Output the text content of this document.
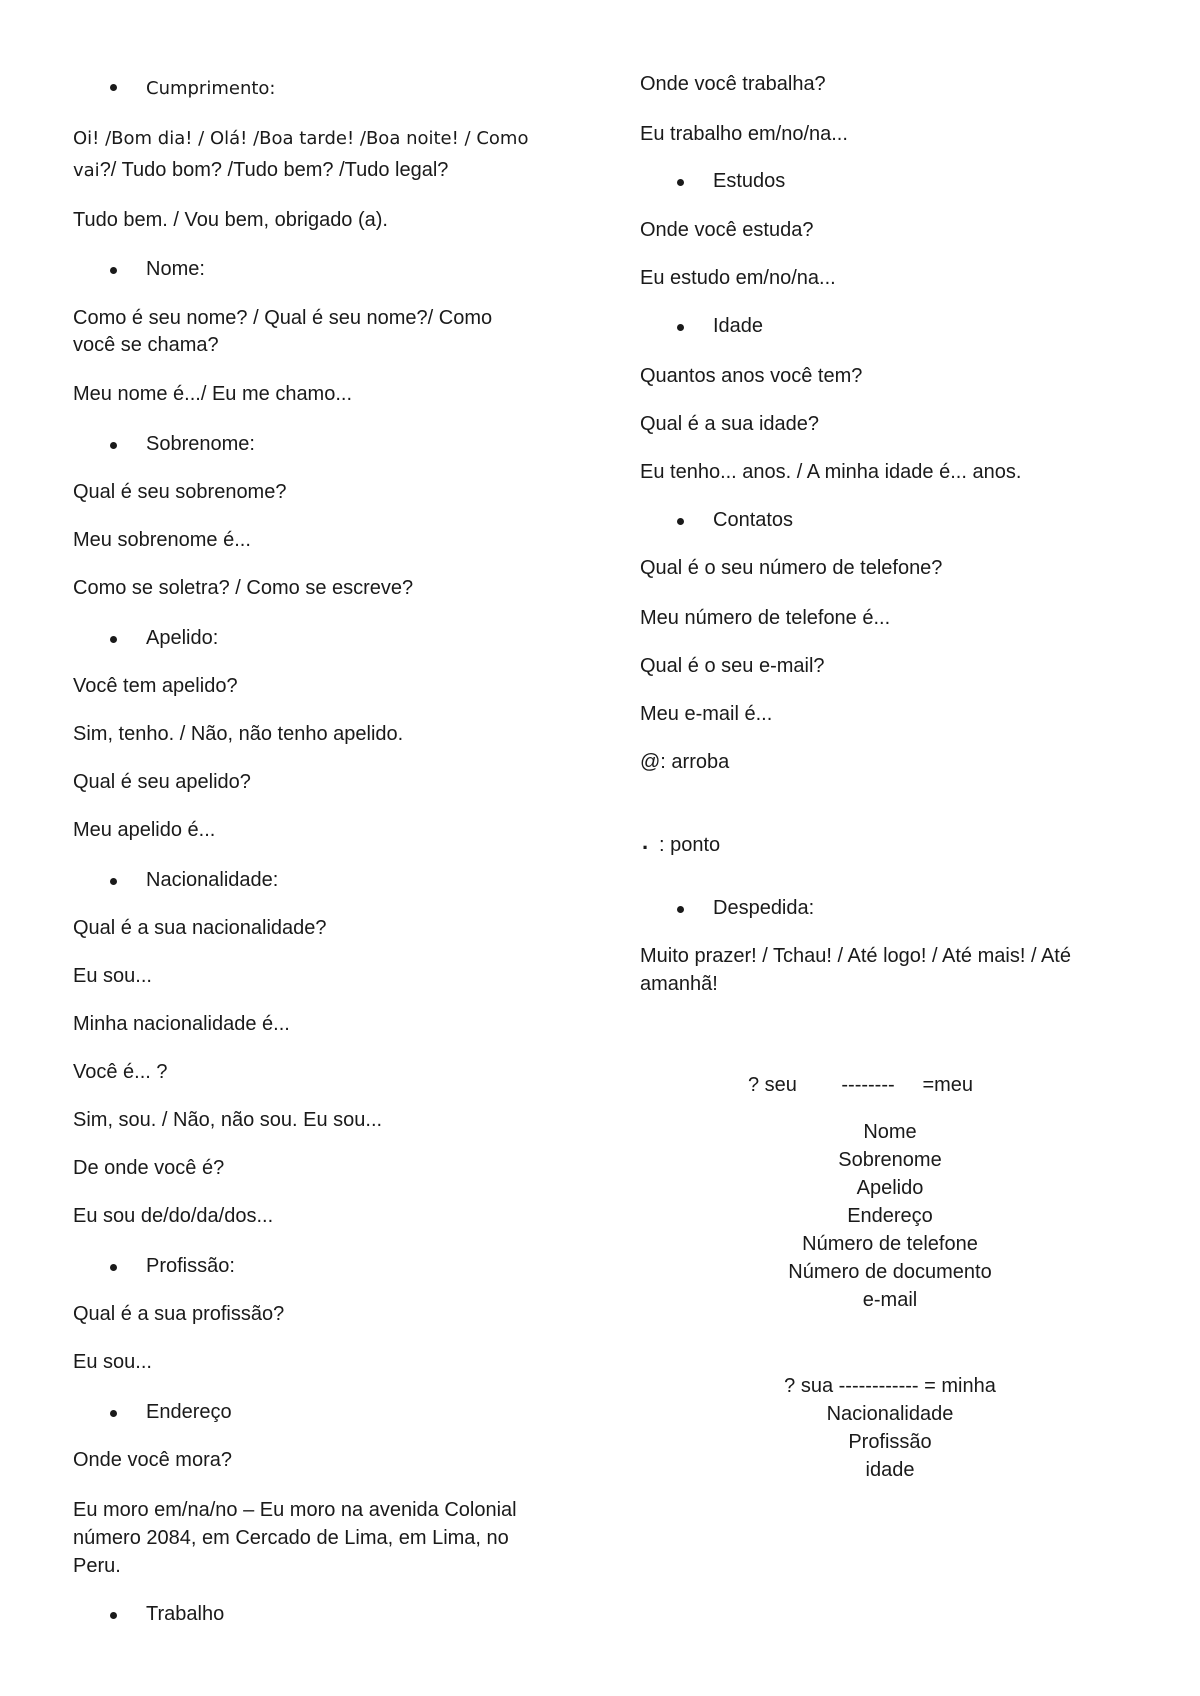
Cumprimento:
Oi! /Bom dia! / Olá! /Boa tarde! /Boa noite! / Como
vai?/ Tudo bom? /Tudo bem? /Tudo legal?
Tudo bem. / Vou bem, obrigado (a).
Nome:
Como é seu nome? / Qual é seu nome?/ Como
você se chama?
Meu nome é.../ Eu me chamo...
Sobrenome:
Qual é seu sobrenome?
Meu sobrenome é...
Como se soletra? / Como se escreve?
Apelido:
Você tem apelido?
Sim, tenho. / Não, não tenho apelido.
Qual é seu apelido?
Meu apelido é...
Nacionalidade:
Qual é a sua nacionalidade?
Eu sou...
Minha nacionalidade é...
Você é... ?
Sim, sou. / Não, não sou. Eu sou...
De onde você é?
Eu sou de/do/da/dos...
Profissão:
Qual é a sua profissão?
Eu sou...
Endereço
Onde você mora?
Eu moro em/na/no – Eu moro na avenida Colonial
número 2084, em Cercado de Lima, em Lima, no
Peru.
Trabalho
Onde você trabalha?
Eu trabalho em/no/na...
Estudos
Onde você estuda?
Eu estudo em/no/na...
Idade
Quantos anos você tem?
Qual é a sua idade?
Eu tenho... anos. / A minha idade é... anos.
Contatos
Qual é o seu número de telefone?
Meu número de telefone é...
Qual é o seu e-mail?
Meu e-mail é...
@: arroba
. : ponto
Despedida:
Muito prazer! / Tchau! / Até logo! / Até mais! / Até
amanhã!
? seu        --------     =meu
Nome
Sobrenome
Apelido
Endereço
Número de telefone
Número de documento
e-mail
? sua ------------ = minha
Nacionalidade
Profissão
idade
